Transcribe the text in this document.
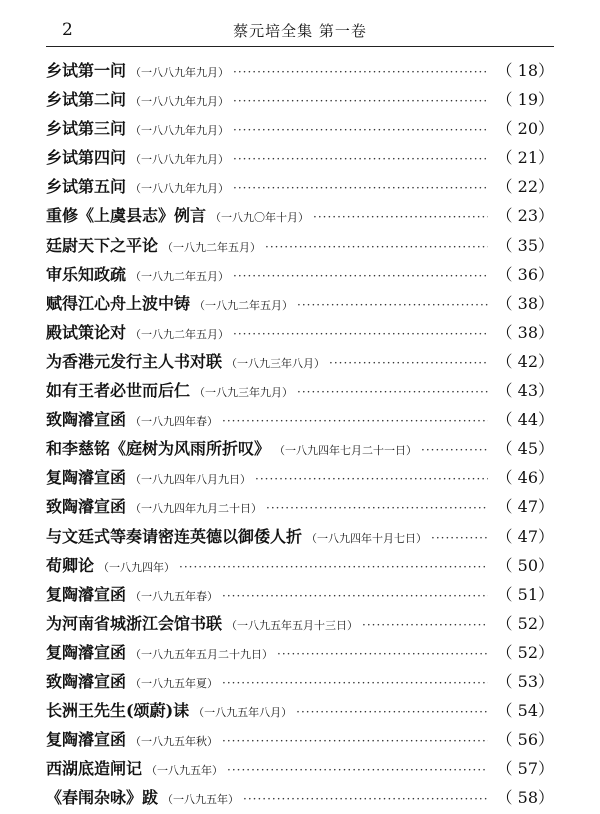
2	蔡元培全集 第一卷
乡试第一问 （一八八九年九月） ·····	（ 18）
乡试第二问 （一八八九年九月） ·····	（ 19）
乡试第三问 （一八八九年九月） ·····	（ 20）
乡试第四问 （一八八九年九月） ·····	（ 21）
乡试第五问 （一八八九年九月） ·····	（ 22）
重修《上虞县志》例言 （一八九〇年十月） ·····	（ 23）
廷尉天下之平论 （一八九二年五月） ·····	（ 35）
审乐知政疏 （一八九二年五月） ·····	（ 36）
赋得江心舟上波中铸 （一八九二年五月） ·····	（ 38）
殿试策论对 （一八九二年五月） ·····	（ 38）
为香港元发行主人书对联 （一八九三年八月） ·····	（ 42）
如有王者必世而后仁 （一八九三年九月） ·····	（ 43）
致陶濬宣函 （一八九四年春） ·····	（ 44）
和李慈铭《庭树为风雨所折叹》 （一八九四年七月二十一日） ·····	（ 45）
复陶濬宣函 （一八九四年八月九日） ·····	（ 46）
致陶濬宣函 （一八九四年九月二十日） ·····	（ 47）
与文廷式等奏请密连英德以御倭人折 （一八九四年十月七日） ·····	（ 47）
荀卿论 （一八九四年） ·····	（ 50）
复陶濬宣函 （一八九五年春） ·····	（ 51）
为河南省城浙江会馆书联 （一八九五年五月十三日） ·····	（ 52）
复陶濬宣函 （一八九五年五月二十九日） ·····	（ 52）
致陶濬宣函 （一八九五年夏） ·····	（ 53）
长洲王先生(颂蔚)诔 （一八九五年八月） ·····	（ 54）
复陶濬宣函 （一八九五年秋） ·····	（ 56）
西湖底造闸记 （一八九五年） ·····	（ 57）
《春闱杂咏》跋 （一八九五年） ·····	（ 58）
